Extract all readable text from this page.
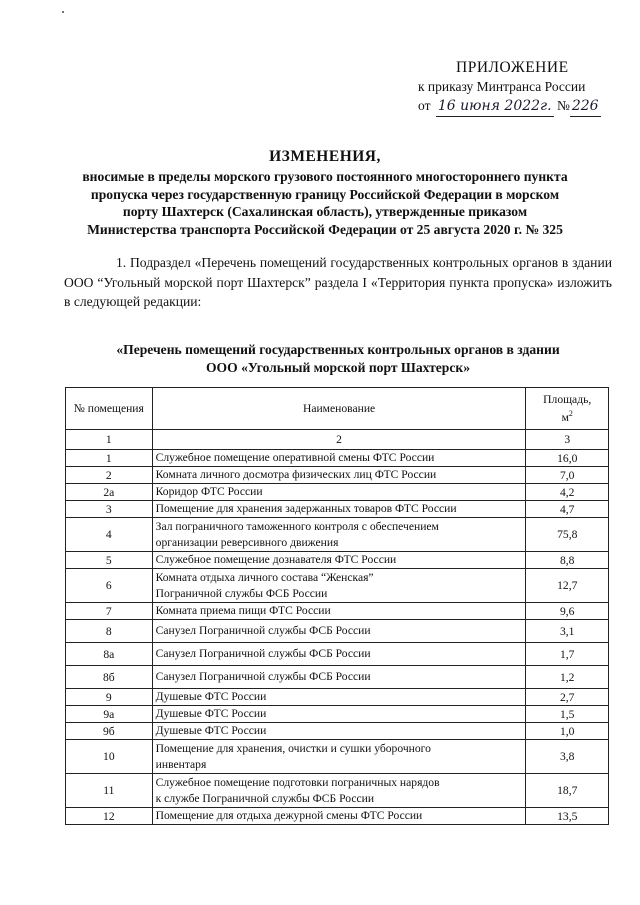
ПРИЛОЖЕНИЕ
к приказу Минтранса России
от 16 июня 2022г. № 226
ИЗМЕНЕНИЯ,
вносимые в пределы морского грузового постоянного многостороннего пункта
пропуска через государственную границу Российской Федерации в морском
порту Шахтерск (Сахалинская область), утвержденные приказом
Министерства транспорта Российской Федерации от 25 августа 2020 г. № 325
1. Подраздел «Перечень помещений государственных контрольных органов в здании ООО “Угольный морской порт Шахтерск” раздела I «Территория пункта пропуска» изложить в следующей редакции:
«Перечень помещений государственных контрольных органов в здании
ООО «Угольный морской порт Шахтерск»
№ помещения	Наименование	Площадь,
$м^2$

1	2	3
1	Служебное помещение оперативной смены ФТС России	16,0
2	Комната личного досмотра физических лиц ФТС России	7,0
2а	Коридор ФТС России	4,2
3	Помещение для хранения задержанных товаров ФТС России	4,7
4	Зал пограничного таможенного контроля с обеспечением
организации реверсивного движения	75,8
5	Служебное помещение дознавателя ФТС России	8,8
6	Комната отдыха личного состава “Женская”
Пограничной службы ФСБ России	12,7
7	Комната приема пищи ФТС России	9,6
8	Санузел Пограничной службы ФСБ России	3,1
8а	Санузел Пограничной службы ФСБ России	1,7
8б	Санузел Пограничной службы ФСБ России	1,2
9	Душевые ФТС России	2,7
9а	Душевые ФТС России	1,5
9б	Душевые ФТС России	1,0
10	Помещение для хранения, очистки и сушки уборочного
инвентаря	3,8
11	Служебное помещение подготовки пограничных нарядов
к службе Пограничной службы ФСБ России	18,7
12	Помещение для отдыха дежурной смены ФТС России	13,5
